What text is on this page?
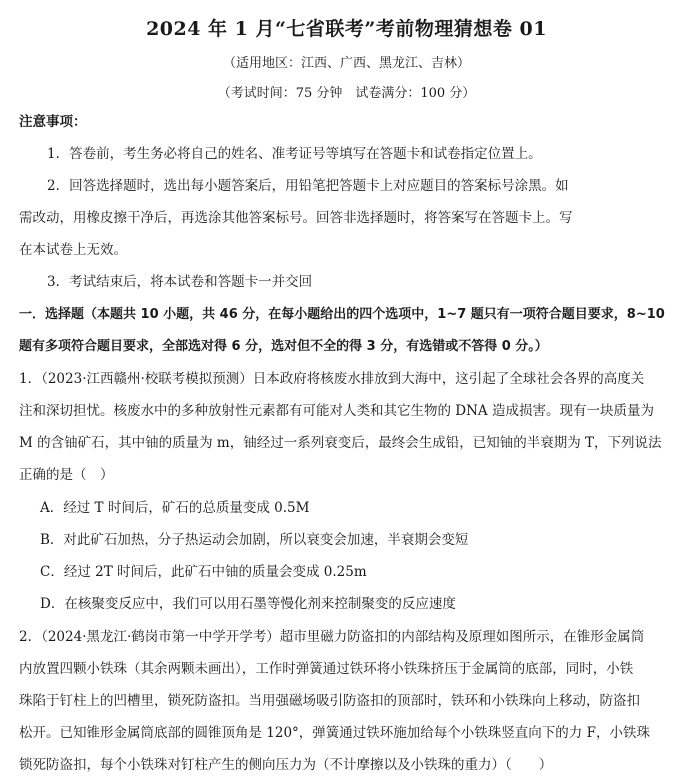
2024 年 1 月“七省联考”考前物理猜想卷 01
（适用地区：江西、广西、黑龙江、吉林）
（考试时间：75 分钟　试卷满分：100 分）
注意事项：
1．答卷前，考生务必将自己的姓名、准考证号等填写在答题卡和试卷指定位置上。
2．回答选择题时，选出每小题答案后，用铅笔把答题卡上对应题目的答案标号涂黑。如
需改动，用橡皮擦干净后，再选涂其他答案标号。回答非选择题时，将答案写在答题卡上。写
在本试卷上无效。
3．考试结束后，将本试卷和答题卡一并交回
一．选择题（本题共 10 小题，共 46 分，在每小题给出的四个选项中，1~7 题只有一项符合题目要求，8~10
题有多项符合题目要求，全部选对得 6 分，选对但不全的得 3 分，有选错或不答得 0 分。）
1．（2023·江西赣州·校联考模拟预测）日本政府将核废水排放到大海中，这引起了全球社会各界的高度关
注和深切担忧。核废水中的多种放射性元素都有可能对人类和其它生物的 DNA 造成损害。现有一块质量为
M 的含铀矿石，其中铀的质量为 m，铀经过一系列衰变后，最终会生成铅，已知铀的半衰期为 T，下列说法
正确的是（　）
A．经过 T 时间后，矿石的总质量变成 0.5M
B．对此矿石加热，分子热运动会加剧，所以衰变会加速，半衰期会变短
C．经过 2T 时间后，此矿石中铀的质量会变成 0.25m
D．在核聚变反应中，我们可以用石墨等慢化剂来控制聚变的反应速度
2．（2024·黑龙江·鹤岗市第一中学开学考）超市里磁力防盗扣的内部结构及原理如图所示，在锥形金属筒
内放置四颗小铁珠（其余两颗未画出），工作时弹簧通过铁环将小铁珠挤压于金属筒的底部，同时，小铁
珠陷于钉柱上的凹槽里，锁死防盗扣。当用强磁场吸引防盗扣的顶部时，铁环和小铁珠向上移动，防盗扣
松开。已知锥形金属筒底部的圆锥顶角是 120°，弹簧通过铁环施加给每个小铁珠竖直向下的力 F，小铁珠
锁死防盗扣，每个小铁珠对钉柱产生的侧向压力为（不计摩擦以及小铁珠的重力）（　　）
